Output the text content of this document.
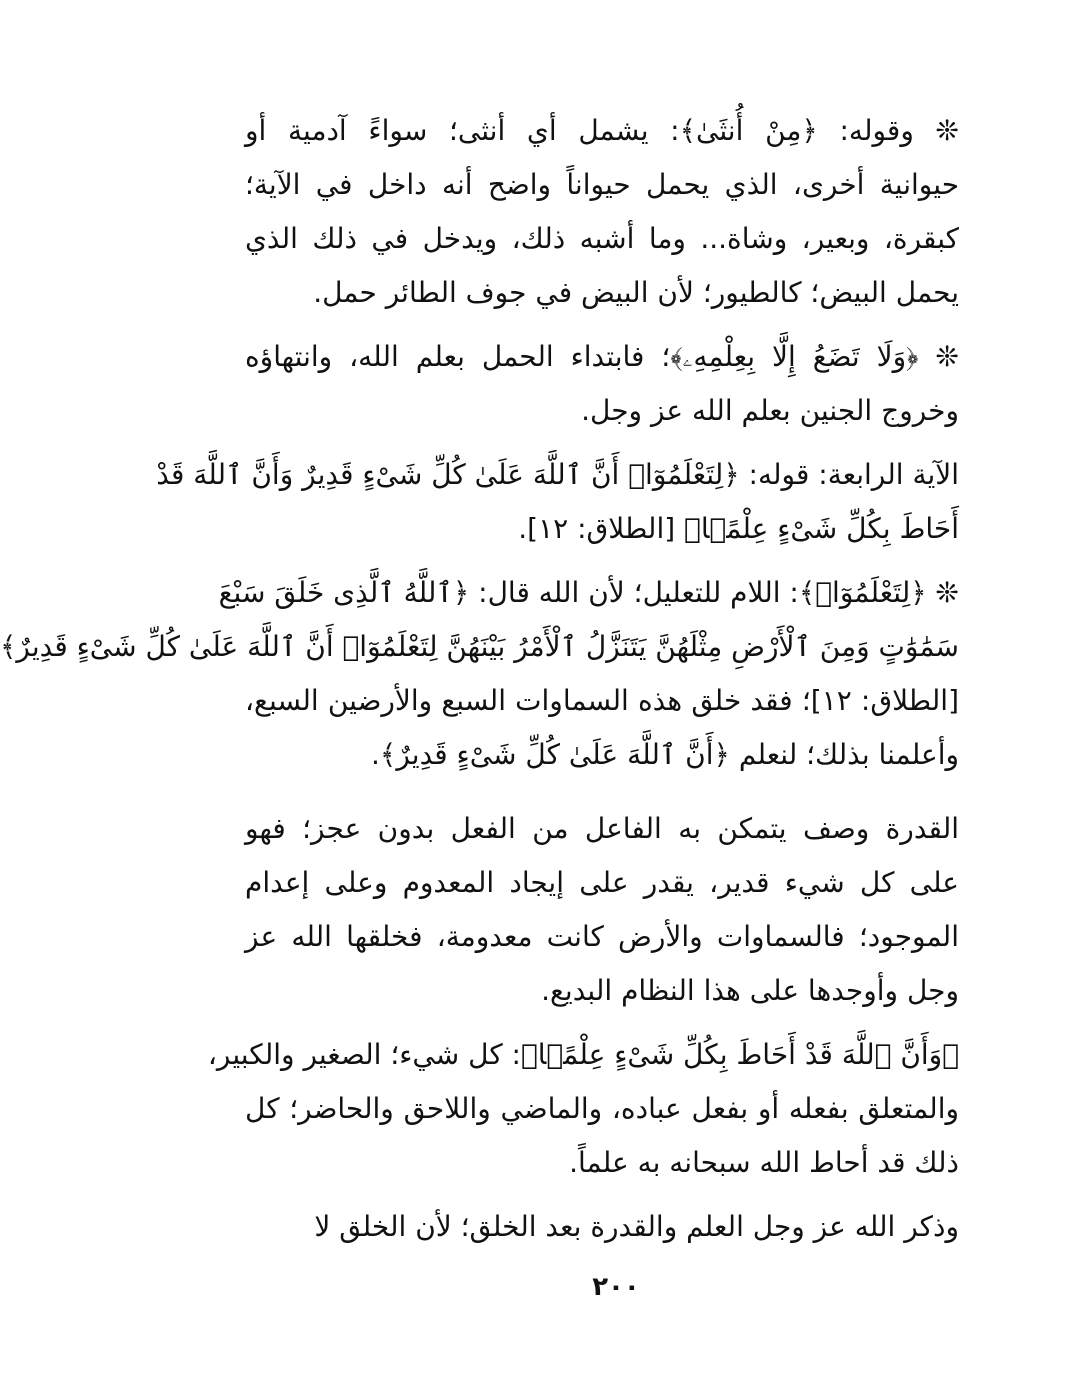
❊ وقوله: ﴿مِنْ أُنثَىٰ﴾: يشمل أي أنثى؛ سواءً آدمية أو
حيوانية أخرى، الذي يحمل حيواناً واضح أنه داخل في الآية؛
كبقرة، وبعير، وشاة... وما أشبه ذلك، ويدخل في ذلك الذي
يحمل البيض؛ كالطيور؛ لأن البيض في جوف الطائر حمل.
❊ ﴿وَلَا تَضَعُ إِلَّا بِعِلْمِهِۦ﴾؛ فابتداء الحمل بعلم الله، وانتهاؤه
وخروج الجنين بعلم الله عز وجل.
الآية الرابعة: قوله: ﴿لِتَعْلَمُوٓا۟ أَنَّ ٱللَّهَ عَلَىٰ كُلِّ شَىْءٍ قَدِيرٌ وَأَنَّ ٱللَّهَ قَدْ
أَحَاطَ بِكُلِّ شَىْءٍ عِلْمًۢا﴾ [الطلاق: ١٢].
❊ ﴿لِتَعْلَمُوٓا۟﴾: اللام للتعليل؛ لأن الله قال: ﴿ٱللَّهُ ٱلَّذِى خَلَقَ سَبْعَ
سَمَٰوَٰتٍ وَمِنَ ٱلْأَرْضِ مِثْلَهُنَّ يَتَنَزَّلُ ٱلْأَمْرُ بَيْنَهُنَّ لِتَعْلَمُوٓا۟ أَنَّ ٱللَّهَ عَلَىٰ كُلِّ شَىْءٍ قَدِيرٌ﴾
[الطلاق: ١٢]؛ فقد خلق هذه السماوات السبع والأرضين السبع،
وأعلمنا بذلك؛ لنعلم ﴿أَنَّ ٱللَّهَ عَلَىٰ كُلِّ شَىْءٍ قَدِيرٌ﴾.
القدرة وصف يتمكن به الفاعل من الفعل بدون عجز؛ فهو
على كل شيء قدير، يقدر على إيجاد المعدوم وعلى إعدام
الموجود؛ فالسماوات والأرض كانت معدومة، فخلقها الله عز
وجل وأوجدها على هذا النظام البديع.
﴿وَأَنَّ ٱللَّهَ قَدْ أَحَاطَ بِكُلِّ شَىْءٍ عِلْمًۢا﴾: كل شيء؛ الصغير والكبير،
والمتعلق بفعله أو بفعل عباده، والماضي واللاحق والحاضر؛ كل
ذلك قد أحاط الله سبحانه به علماً.
وذكر الله عز وجل العلم والقدرة بعد الخلق؛ لأن الخلق لا
٢٠٠
